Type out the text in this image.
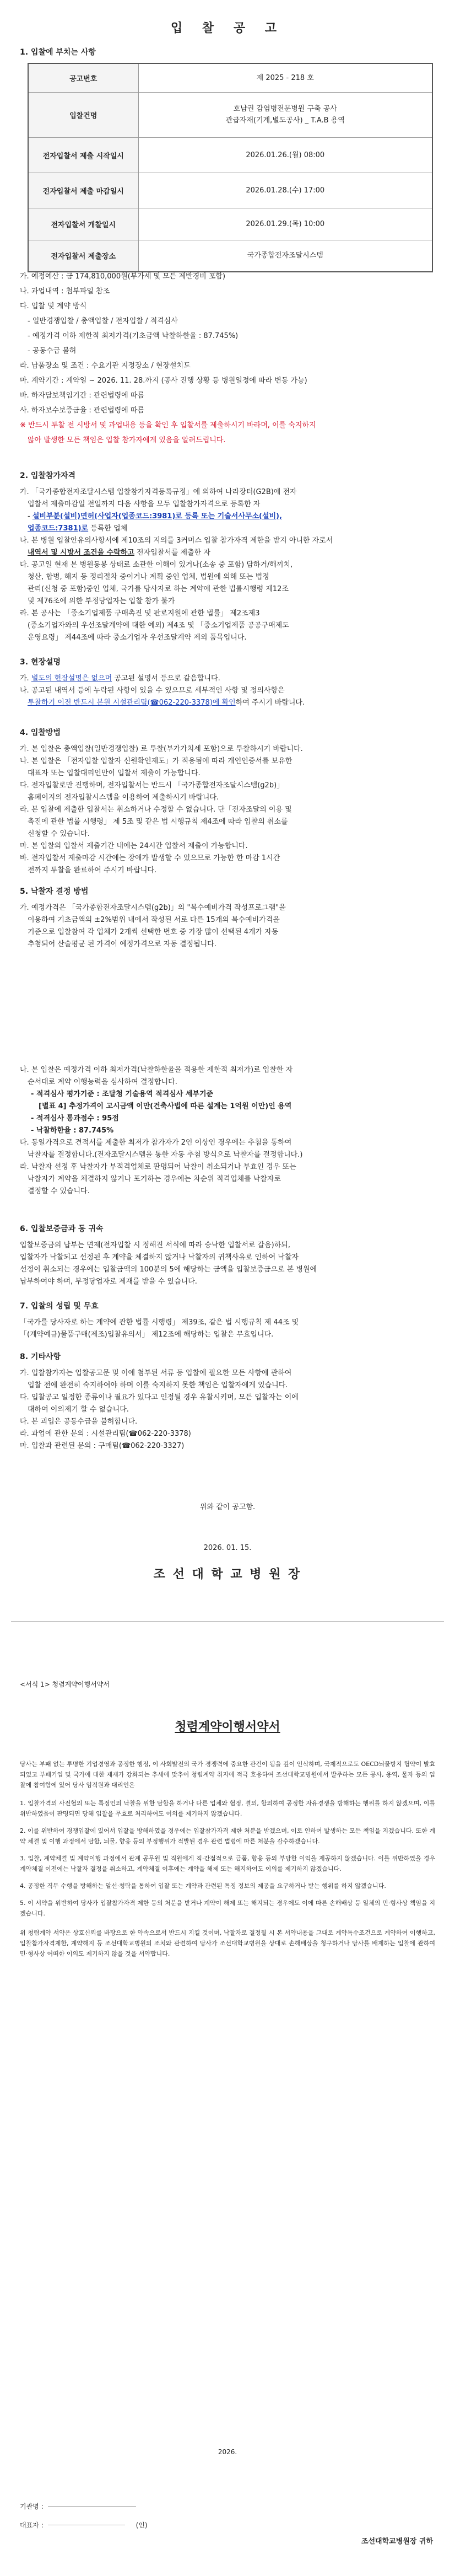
입 찰 공 고
1. 입찰에 부치는 사항
공고번호	제 2025 - 218 호
입찰건명	호남권 감염병전문병원 구축 공사
관급자재(기계,별도공사) _ T.A.B 용역

전자입찰서 제출 시작일시	2026.01.26.(월) 08:00
전자입찰서 제출 마감일시	2026.01.28.(수) 17:00
전자입찰서 개찰일시	2026.01.29.(목) 10:00
전자입찰서 제출장소	국가종합전자조달시스템
가. 예정예산 : 금 174,810,000원(부가세 및 모든 제반경비 포함)
나. 과업내역 : 첨부파일 참조
다. 입찰 및 계약 방식
- 일반경쟁입찰 / 총액입찰 / 전자입찰 / 적격심사
- 예정가격 이하 제한적 최저가격(기초금액 낙찰하한율 : 87.745%)
- 공동수급 불허
라. 납품장소 및 조건 : 수요기관 지정장소 / 현장설치도
마. 계약기간 : 계약일 ~ 2026. 11. 28.까지 (공사 진행 상황 등 병원일정에 따라 변동 가능)
바. 하자담보책임기간 : 관련법령에 따름
사. 하자보수보증금율 : 관련법령에 따름
※ 반드시 투찰 전 시방서 및 과업내용 등을 확인 후 입찰서를 제출하시기 바라며, 이를 숙지하지
않아 발생한 모든 책임은 입찰 참가자에게 있음을 알려드립니다.
2. 입찰참가자격
가. 「국가종합전자조달시스템 입찰참가자격등록규정」에 의하여 나라장터(G2B)에 전자
입찰서 제출마감일 전일까지 다음 사항을 모두 입찰참가자격으로 등록한 자
- 설비부분(설비)면허(사업자(업종코드:3981)로 등록 또는 기술서사무소(설비),
업종코드:7381)로 등록한 업체
나. 본 병원 입찰안유의사항서에 제10조의 지의를 3커머스 입찰 참가자격 제한을 받지 아니한 자로서
내역서 및 시방서 조건을 수락하고 전자입찰서를 제출한 자
다. 공고일 현재 본 병원동봉 상태로 소관한 이해이 있거나(소송 중 포함) 담하거/해끼치,
청산, 합병, 해지 등 정리절차 중이거나 계획 중인 업체, 법원에 의해 또는 법정
관리(신청 중 포함)중인 업체, 국가를 당사자로 하는 계약에 관한 법률시행령 제12조
및 제76조에 의한 부정당업자는 입찰 참가 불가
라. 본 공사는 「중소기업제품 구매촉진 및 판로지원에 관한 법률」 제2조제3
(중소기업자와의 우선조달계약에 대한 예외) 제4조 및 「중소기업제품 공공구매제도
운영요령」 제44조에 따라 중소기업자 우선조달계약 제외 품목입니다.
3. 현장설명
가. 별도의 현장설명은 없으며 공고된 설명서 등으로 갈음합니다.
나. 공고된 내역서 등에 누락된 사항이 있을 수 있으므로 세부적인 사항 및 정의사항은
투찰하기 이전 반드시 본원 시설관리팀(☎062-220-3378)에 확인하여 주시기 바랍니다.
4. 입찰방법
가. 본 입찰은 총액입찰(일반경쟁입찰) 로 투찰(부가가치세 포함)으로 투찰하시기 바랍니다.
나. 본 입찰은 「전자입찰 입찰자 신원확인제도」가 적용됨에 따라 개인인증서를 보유한
대표자 또는 입찰대리인만이 입찰서 제출이 가능합니다.
다. 전자입찰로만 진행하며, 전자입찰서는 반드시 「국가종합전자조달시스템(g2b)」
홈페이지의 전자입찰시스템을 이용하여 제출하시기 바랍니다.
라. 본 입찰에 제출한 입찰서는 취소하거나 수정할 수 없습니다. 단「전자조달의 이용 및
촉진에 관한 법률 시행령」 제 5조 및 같은 법 시행규칙 제4조에 따라 입찰의 취소를
신청할 수 있습니다.
마. 본 입찰의 입찰서 제출기간 내에는 24시간 입찰서 제출이 가능합니다.
바. 전자입찰서 제출마감 시간에는 장애가 발생할 수 있으므로 가능한 한 마감 1시간
전까지 투찰을 완료하여 주시기 바랍니다.
5. 낙찰자 결정 방법
가. 예정가격은 「국가종합전자조달시스템(g2b)」의 "복수예비가격 작성프로그램"을
이용하여 기초금액의 ±2%범위 내에서 작성된 서로 다른 15개의 복수예비가격을
기준으로 입찰참여 각 업체가 2개씩 선택한 번호 중 가장 많이 선택된 4개가 자동
추첨되어 산술평균 된 가격이 예정가격으로 자동 결정됩니다.
나. 본 입찰은 예정가격 이하 최저가격(낙찰하한율을 적용한 제한적 최저가)로 입찰한 자
순서대로 계약 이행능력을 심사하여 결정합니다.
- 적격심사 평가기준 : 조달청 기술용역 적격심사 세부기준
[별표 4] 추정가격이 고시금액 이만(건축사법에 따른 설계는 1억원 이만)인 용역
- 적격심사 통과점수 : 95점
- 낙찰하한율 : 87.745%
다. 동일가격으로 견적서를 제출한 최저가 참가자가 2인 이상인 경우에는 추첨을 통하여
낙찰자를 결정합니다.(전자조달시스템을 통한 자동 추첨 방식으로 낙찰자를 결정합니다.)
라. 낙찰자 선정 후 낙찰자가 부적격업체로 판명되어 낙찰이 취소되거나 부효인 경우 또는
낙찰자가 계약을 체결하지 않거나 포기하는 경우에는 차순위 적격업체를 낙찰자로
결정할 수 있습니다.
6. 입찰보증금과 동 귀속
입찰보증금의 납부는 면제(전자입찰 시 정해진 서식에 따라 승낙한 입찰서로 갈음)하되,
입찰자가 낙찰되고 선정된 후 계약을 체결하지 않거나 낙찰자의 귀책사유로 인하여 낙찰자
선정이 취소되는 경우에는 입찰금액의 100분의 5에 해당하는 금액을 입찰보증금으로 본 병원에
납부하여야 하며, 부정당업자로 제재를 받을 수 있습니다.
7. 입찰의 성립 및 무효
「국가를 당사자로 하는 계약에 관한 법률 시행령」 제39조, 같은 법 시행규칙 제 44조 및
「(계약예규)물품구매(제조)입찰유의서」 제12조에 해당하는 입찰은 무효입니다.
8. 기타사항
가. 입찰참가자는 입찰공고문 및 이에 첨부된 서류 등 입찰에 필요한 모든 사항에 관하여
입찰 전에 완전히 숙지하여야 하며 이를 숙지하지 못한 책임은 입찰자에게 있습니다.
다. 입찰공고 일정한 종류이나 필요가 있다고 인정될 경우 유찰시키며, 모든 입찰자는 이에
대하여 이의제기 할 수 없습니다.
다. 본 괴입은 공동수급을 불허합니다.
라. 과업에 관한 문의 : 시설관리팀(☎062-220-3378)
마. 입찰과 관련된 문의 : 구매팀(☎062-220-3327)
위와 같이 공고함.
2026. 01. 15.
조 선 대 학 교 병 원 장
<서식 1> 청렴계약이행서약서
청렴계약이행서약서
당사는 부패 없는 투명한 기업경영과 공정한 행정, 이 사회발전의 국가 경쟁력에 중요한 관건이 됨을 깊이 인식하며, 국제적으로도 OECD뇌물방지 협약이 발효되었고 부패기업 및 국가에 대한 제재가 강화되는 추세에 맞추어 청렴계약 취지에 적극 호응하여 조선대학교병원에서 발주하는 모든 공사, 용역, 물자 등의 입찰에 참여함에 있어 당사 임직원과 대리인은
1. 입찰가격의 사전협의 또는 특정인의 낙찰을 위한 담합을 하거나 다른 업체와 협정, 결의, 합의하여 공정한 자유경쟁을 방해하는 행위를 하지 않겠으며, 이를 위반하였음이 판명되면 당해 입찰을 무효로 처리하여도 이의를 제기하지 않겠습니다.
2. 이를 위반하여 경쟁입찰에 있어서 입찰을 방해하였을 경우에는 입찰참가자격 제한 처분을 받겠으며, 이로 인하여 발생하는 모든 책임을 지겠습니다. 또한 계약 체결 및 이행 과정에서 담합, 뇌물, 향응 등의 부정행위가 적발된 경우 관련 법령에 따른 처분을 감수하겠습니다.
3. 입찰, 계약체결 및 계약이행 과정에서 관계 공무원 및 직원에게 직·간접적으로 금품, 향응 등의 부당한 이익을 제공하지 않겠습니다. 이를 위반하였을 경우 계약체결 이전에는 낙찰자 결정을 취소하고, 계약체결 이후에는 계약을 해제 또는 해지하여도 이의를 제기하지 않겠습니다.
4. 공정한 직무 수행을 방해하는 알선·청탁을 통하여 입찰 또는 계약과 관련된 특정 정보의 제공을 요구하거나 받는 행위를 하지 않겠습니다.
5. 이 서약을 위반하여 당사가 입찰참가자격 제한 등의 처분을 받거나 계약이 해제 또는 해지되는 경우에도 이에 따른 손해배상 등 일체의 민·형사상 책임을 지겠습니다.
위 청렴계약 서약은 상호신뢰를 바탕으로 한 약속으로서 반드시 지킬 것이며, 낙찰자로 결정될 시 본 서약내용을 그대로 계약특수조건으로 계약하여 이행하고, 입찰참가자격제한, 계약해지 등 조선대학교병원의 조치와 관련하여 당사가 조선대학교병원을 상대로 손해배상을 청구하거나 당사를 배제하는 입찰에 관하여 민·형사상 어떠한 이의도 제기하지 않을 것을 서약합니다.
2026.
기관명 :
대표자 :	(인)
조선대학교병원장 귀하
